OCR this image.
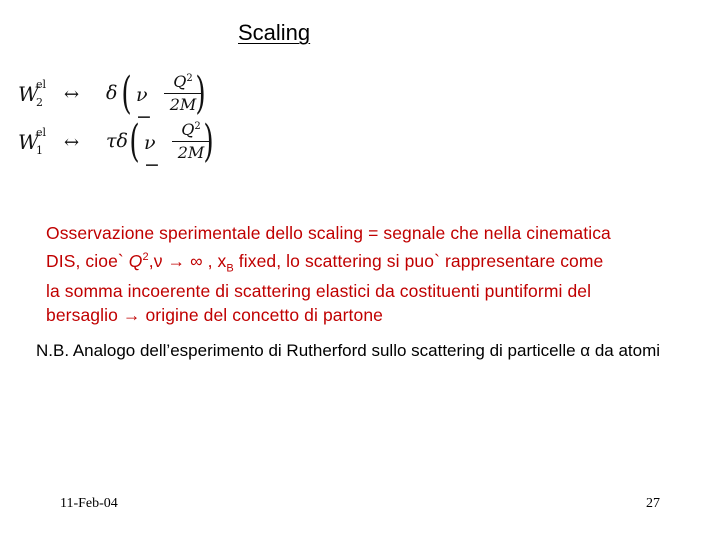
Scaling
W
el
2 ↔ δ ( ν −
$Q^2$
2M )
W
el
1 ↔ τδ ( ν −
$Q^2$
2M )
Osservazione sperimentale dello scaling = segnale che nella cinematica
DIS, cioe` $Q^2,\nu$ → ∞ , $x_B$ fixed, lo scattering si puo` rappresentare come
la somma incoerente di scattering elastici da costituenti puntiformi del
bersaglio → origine del concetto di partone
N.B. Analogo dell’esperimento di Rutherford sullo scattering di particelle α da atomi
11-Feb-04	27
